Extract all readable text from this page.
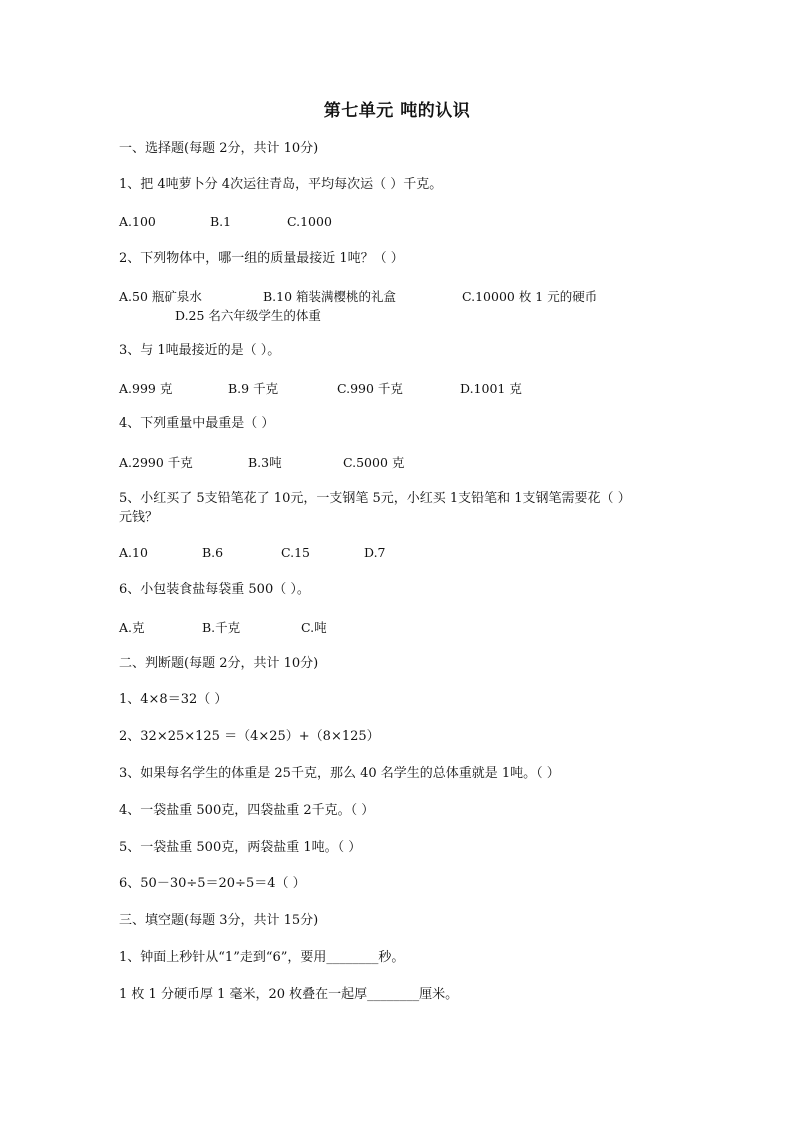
第七单元 吨的认识
一、选择题(每题 2分，共计 10分)
1、把 4吨萝卜分 4次运往青岛，平均每次运（ ）千克。
A.100	B.1	C.1000
2、下列物体中，哪一组的质量最接近 1吨？（ ）
A.50 瓶矿泉水	B.10 箱装满樱桃的礼盒	C.10000 枚 1 元的硬币
D.25 名六年级学生的体重
3、与 1吨最接近的是（ ）。
A.999 克	B.9 千克	C.990 千克	D.1001 克
4、下列重量中最重是（ ）
A.2990 千克	B.3吨	C.5000 克
5、小红买了 5支铅笔花了 10元，一支钢笔 5元，小红买 1支铅笔和 1支钢笔需要花（ ）
元钱？
A.10	B.6	C.15	D.7
6、小包装食盐每袋重 500（ ）。
A.克	B.千克	C.吨
二、判断题(每题 2分，共计 10分)
1、4×8＝32（ ）
2、32×25×125 ＝（4×25）+（8×125）
3、如果每名学生的体重是 25千克，那么 40 名学生的总体重就是 1吨。（ ）
4、一袋盐重 500克，四袋盐重 2千克。（ ）
5、一袋盐重 500克，两袋盐重 1吨。（ ）
6、50－30÷5＝20÷5＝4（ ）
三、填空题(每题 3分，共计 15分)
1、钟面上秒针从“1”走到“6”，要用________秒。
1 枚 1 分硬币厚 1 毫米，20 枚叠在一起厚________厘米。
